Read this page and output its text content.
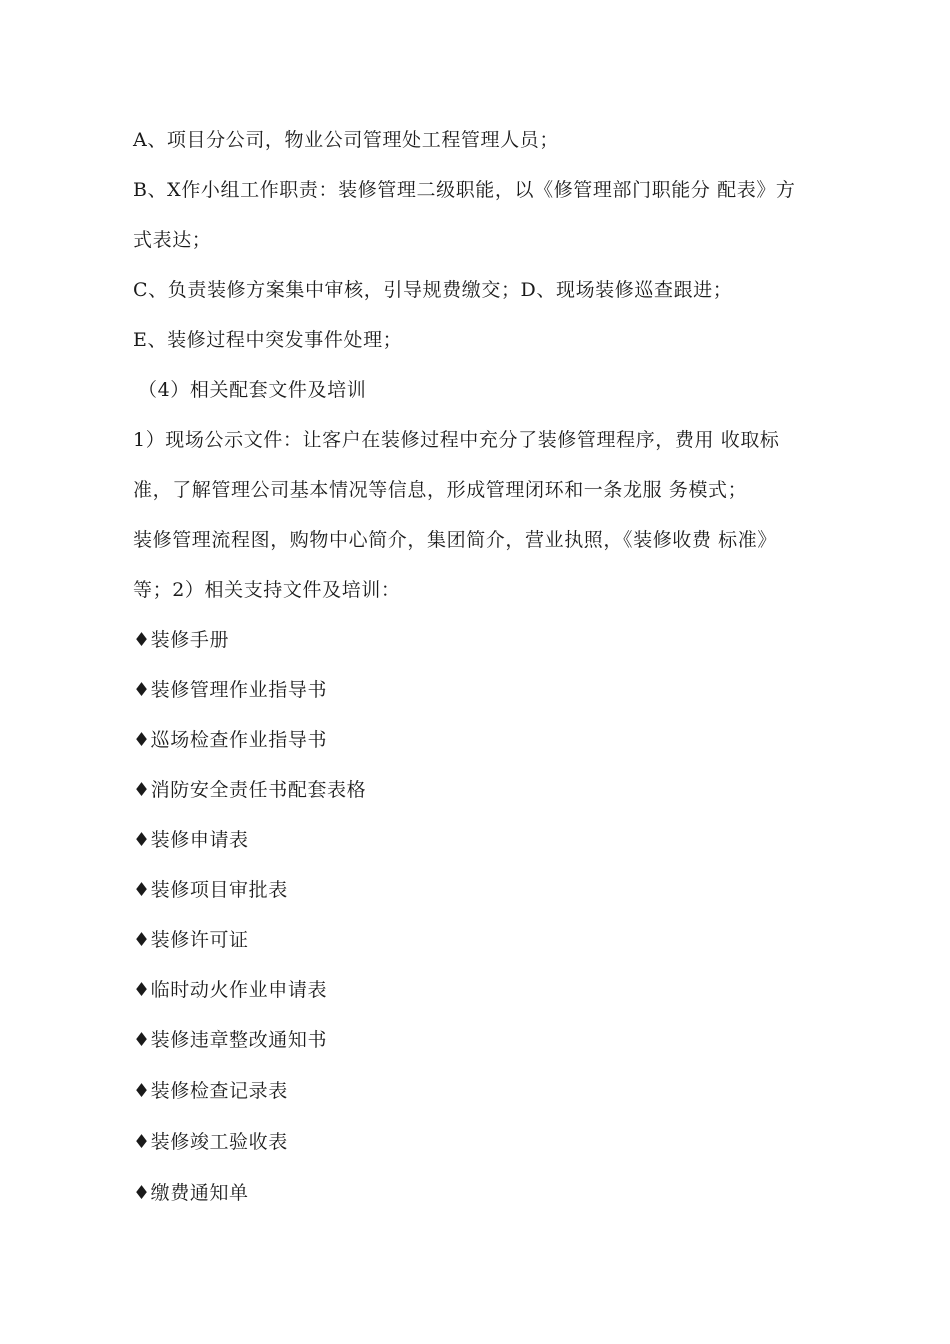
A、项目分公司，物业公司管理处工程管理人员；
B、X作小组工作职责：装修管理二级职能，以《修管理部门职能分 配表》方
式表达；
C、负责装修方案集中审核，引导规费缴交；D、现场装修巡查跟进；
E、装修过程中突发事件处理；
（4）相关配套文件及培训
1）现场公示文件：让客户在装修过程中充分了装修管理程序，费用 收取标
准，了解管理公司基本情况等信息，形成管理闭环和一条龙服 务模式；
装修管理流程图，购物中心简介，集团简介，营业执照，《装修收费 标准》
等；2）相关支持文件及培训：
♦装修手册
♦装修管理作业指导书
♦巡场检查作业指导书
♦消防安全责任书配套表格
♦装修申请表
♦装修项目审批表
♦装修许可证
♦临时动火作业申请表
♦装修违章整改通知书
♦装修检查记录表
♦装修竣工验收表
♦缴费通知单
